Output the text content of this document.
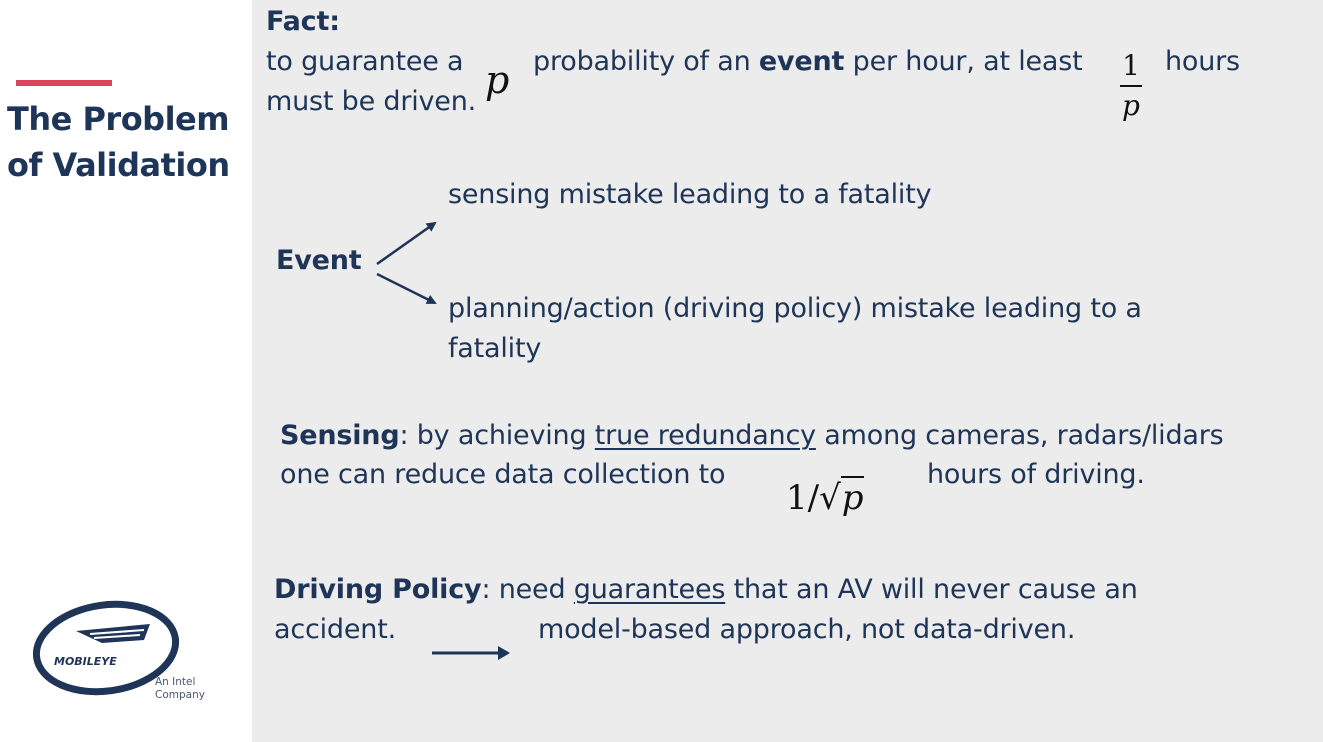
The Problem
of Validation
MOBILEYE
An Intel
Company
Fact:
to guarantee a p probability of an event per hour, at least 1
p
hours
must be driven.
Event
sensing mistake leading to a fatality
planning/action (driving policy) mistake leading to a
fatality
Sensing: by achieving true redundancy among cameras, radars/lidars
one can reduce data collection to
1/√p
hours of driving.
Driving Policy: need guarantees that an AV will never cause an
accident.	model-based approach, not data-driven.
